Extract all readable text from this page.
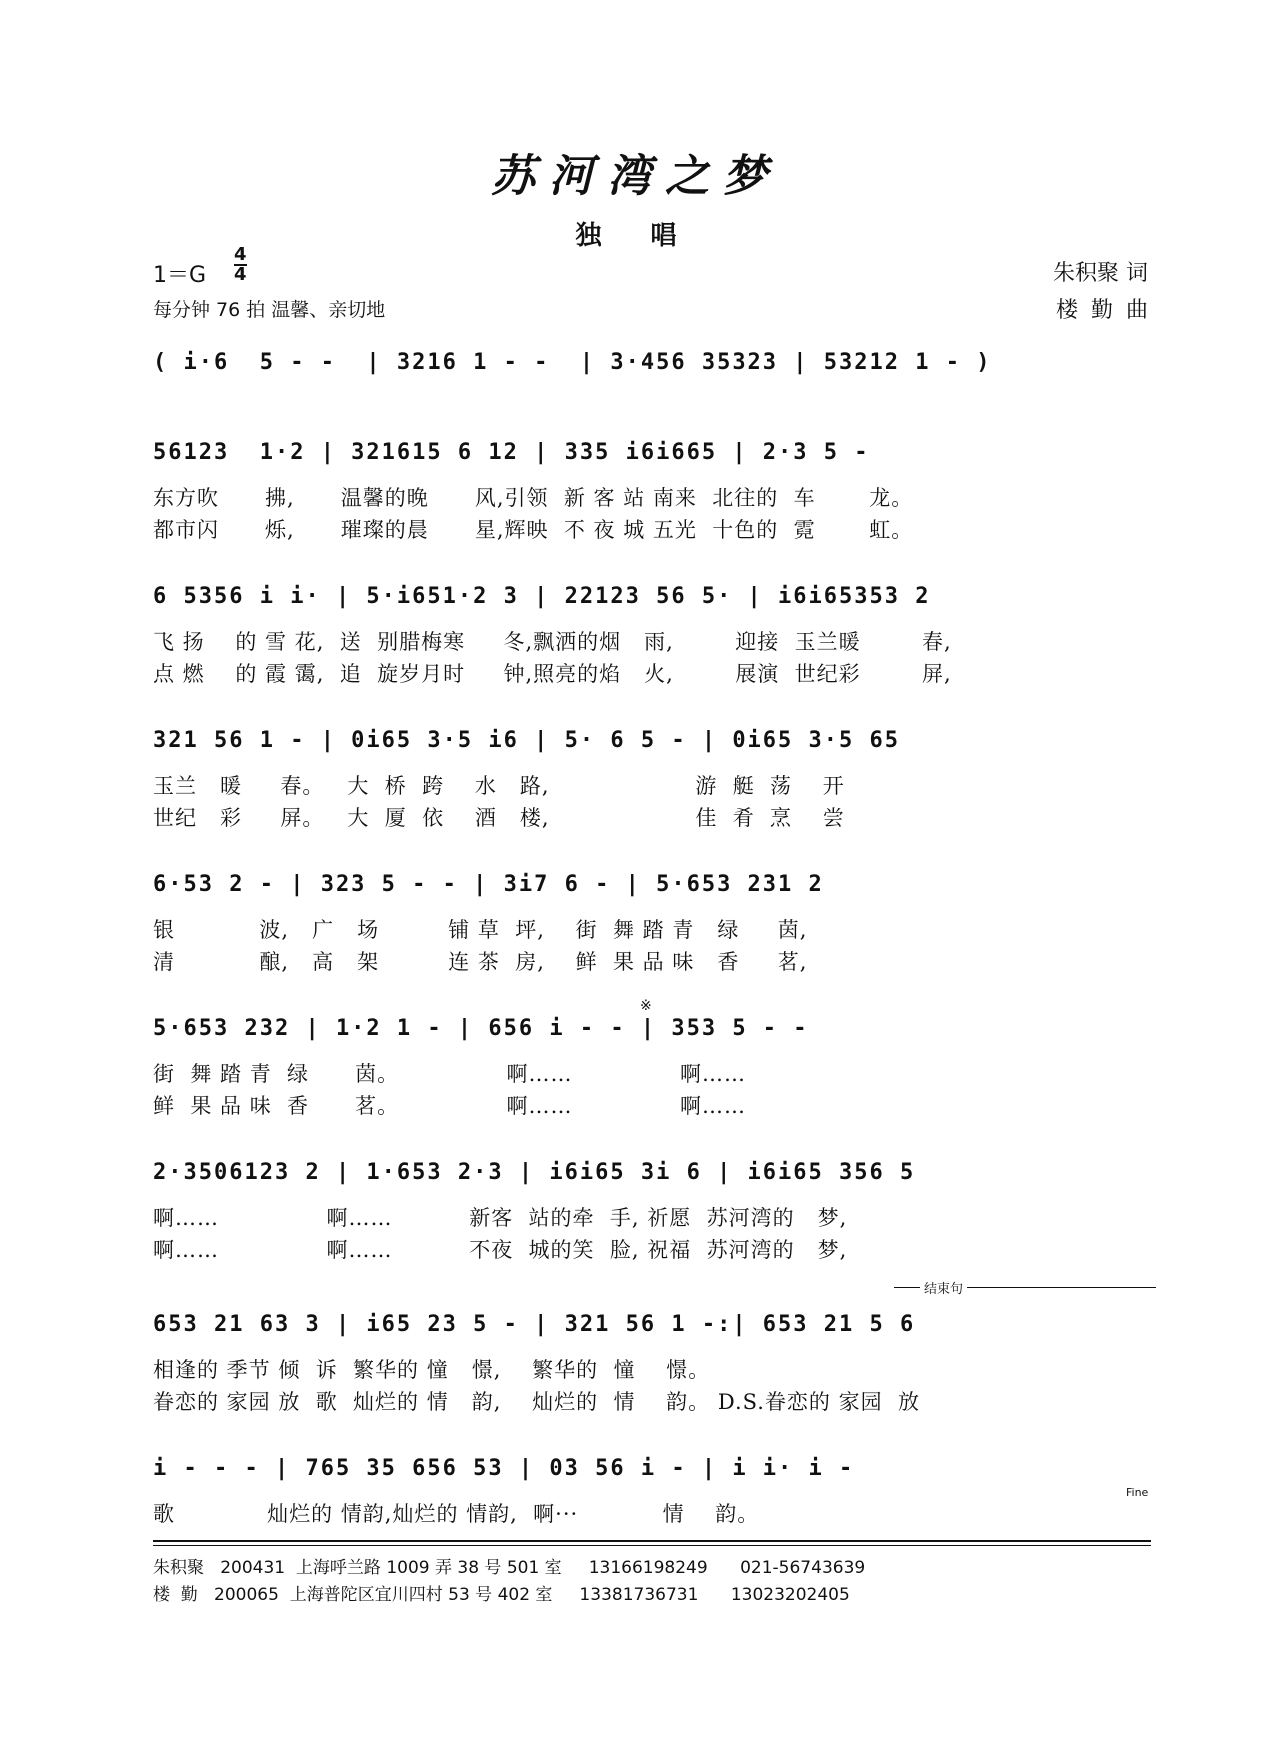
苏河湾之梦
独 唱
1＝G
4
4
每分钟 76 拍 温馨、亲切地
朱积聚 词
楼 勤 曲
( i·6  5 - -  | 3216 1 - -  | 3·456 35323 | 53212 1 - )
56123  1·2 | 321615 6 12 | 335 i6i665 | 2·3 5 -
东方吹      拂,      温馨的晚      风,引领  新 客 站 南来  北往的  车       龙。
都市闪      烁,      璀璨的晨      星,辉映  不 夜 城 五光  十色的  霓       虹。
6 5356 i i· | 5·i651·2 3 | 22123 56 5· | i6i65353 2
飞 扬    的 雪 花,  送  别腊梅寒     冬,飘洒的烟   雨,        迎接  玉兰暖        春,
点 燃    的 霞 霭,  追  旋岁月时     钟,照亮的焰   火,        展演  世纪彩        屏,
321 56 1 - | 0i65 3·5 i6 | 5· 6 5 - | 0i65 3·5 65
玉兰   暖     春。   大  桥  跨    水   路,                   游  艇  荡    开
世纪   彩     屏。   大  厦  依    酒   楼,                   佳  肴  烹    尝
6·53 2 - | 323 5 - - | 3i7 6 - | 5·653 231 2
银           波,   广   场         铺 草  坪,    街  舞 踏 青   绿     茵,
清           酿,   高   架         连 茶  房,    鲜  果 品 味   香     茗,
※
5·653 232 | 1·2 1 - | 656 i - - | 353 5 - -
街  舞 踏 青  绿      茵。              啊……              啊……
鲜  果 品 味  香      茗。              啊……              啊……
2·3506123 2 | 1·653 2·3 | i6i65 3i 6 | i6i65 356 5
啊……              啊……          新客  站的牵  手, 祈愿  苏河湾的   梦,
啊……              啊……          不夜  城的笑  脸, 祝福  苏河湾的   梦,
结束句
653 21 63 3 | i65 23 5 - | 321 56 1 -:| 653 21 5 6
相逢的 季节 倾  诉  繁华的 憧   憬,    繁华的  憧    憬。
眷恋的 家园 放  歌  灿烂的 情   韵,    灿烂的  情    韵。 D.S.眷恋的 家园  放
i - - - | 765 35 656 53 | 03 56 i - | i i· i -
Fine
歌            灿烂的 情韵,灿烂的 情韵,  啊···           情    韵。
朱积聚   200431  上海呼兰路 1009 弄 38 号 501 室     13166198249      021-56743639
楼  勤   200065  上海普陀区宜川四村 53 号 402 室     13381736731      13023202405
